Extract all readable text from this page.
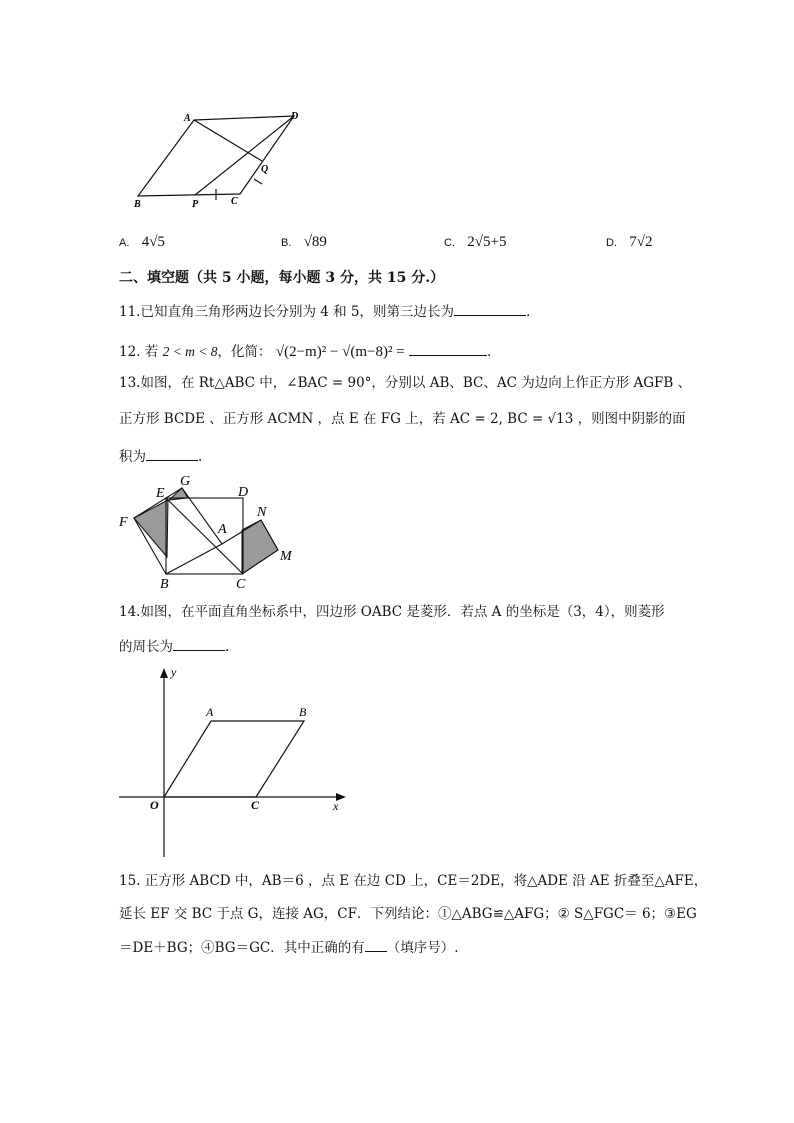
A	D
Q
B	P	C
A. 4√5	B. √89	C. 2√5+5	D. 7√2
二、填空题（共 5 小题，每小题 3 分，共 15 分.）
11.已知直角三角形两边长分别为 4 和 5，则第三边长为	.
12. 若 2 < m < 8，化简： √(2−m)² − √(m−8)² =	.
13.如图，在 Rt△ABC 中，∠BAC = 90°，分别以 AB、BC、AC 为边向上作正方形 AGFB 、
正方形 BCDE 、正方形 ACMN ，点 E 在 FG 上，若 AC = 2, BC = √13 ，则图中阴影的面
积为	.
E
G
D
F	A
N
M
B	C
14.如图，在平面直角坐标系中，四边形 OABC 是菱形．若点 A 的坐标是（3，4），则菱形
的周长为	.
y
A	B
O	C	x
15. 正方形 ABCD 中，AB＝6 ，点 E 在边 CD 上，CE＝2DE，将△ADE 沿 AE 折叠至△AFE，
延长 EF 交 BC 于点 G，连接 AG，CF．下列结论：①△ABG≌△AFG；② S△FGC＝ 6；③EG
＝DE＋BG；④BG＝GC．其中正确的有 （填序号）.
